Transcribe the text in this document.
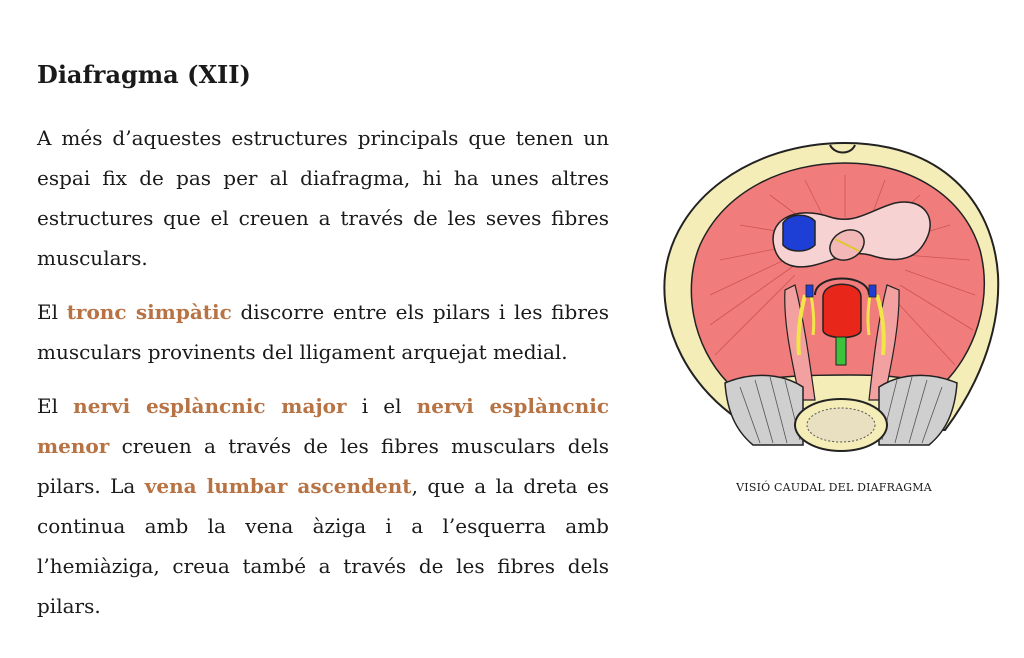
Diafragma (XII)

A més d’aquestes estructures principals que tenen un espai fix de pas per al diafragma, hi ha unes altres estructures que el creuen a través de les seves fibres musculars.

El tronc simpàtic discorre entre els pilars i les fibres musculars provinents del lligament arquejat medial.

El nervi esplàncnic major i el nervi esplàncnic menor creuen a través de les fibres musculars dels pilars. La vena lumbar ascendent, que a la dreta es continua amb la vena àziga i a l’esquerra amb l’hemiàziga, creua també a través de les fibres dels pilars.

VISIÓ CAUDAL DEL DIAFRAGMA
